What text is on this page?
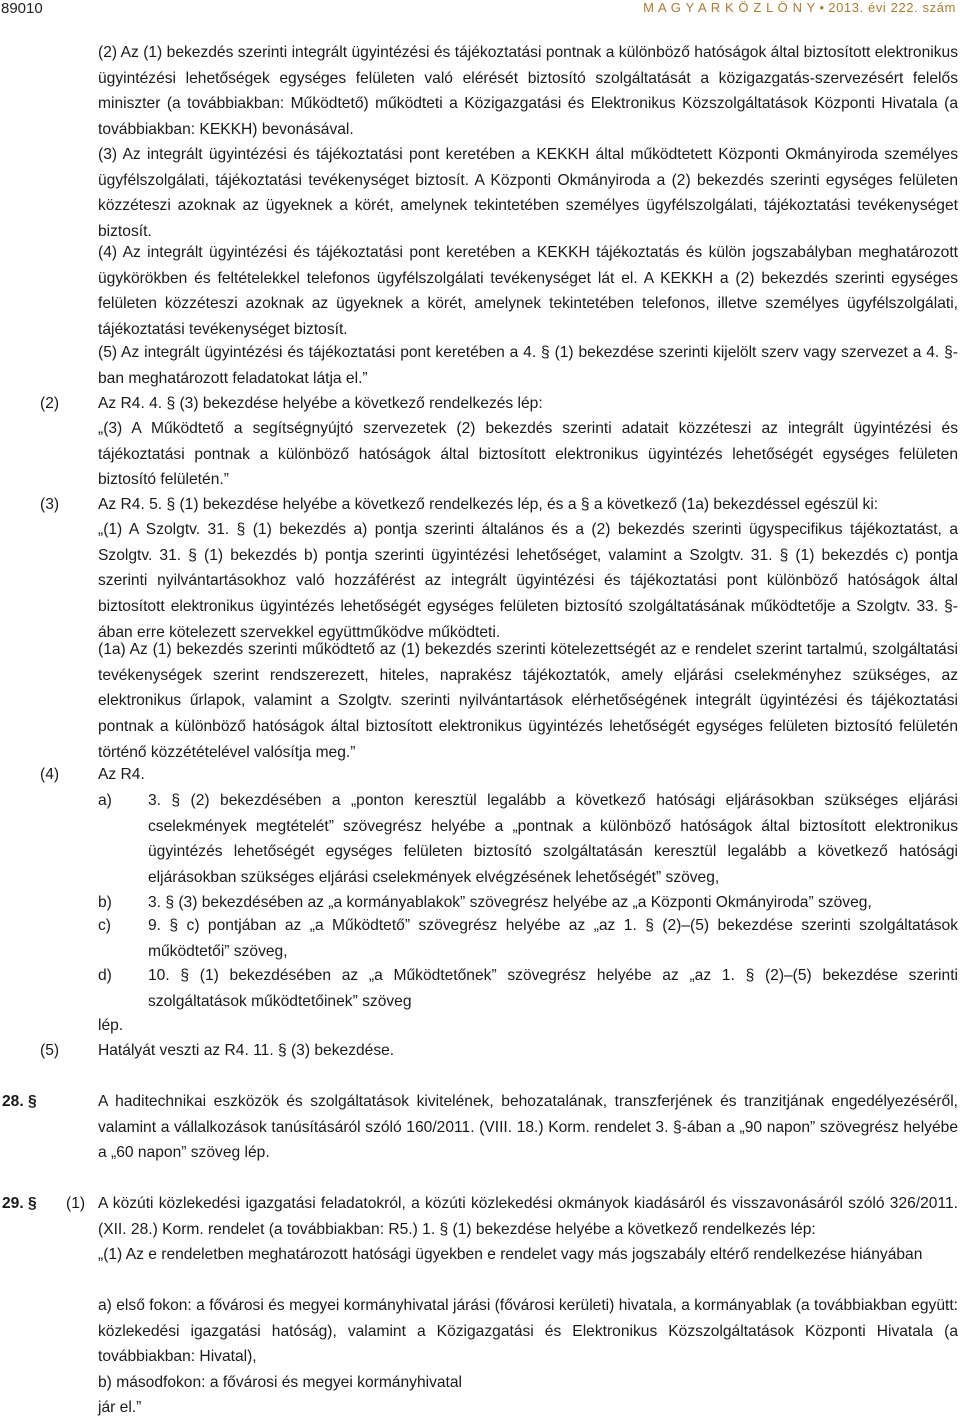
89010	M A G Y A R K Ö Z L Ö N Y • 2013. évi 222. szám

(2) Az (1) bekezdés szerinti integrált ügyintézési és tájékoztatási pontnak a különböző hatóságok által biztosított elektronikus ügyintézési lehetőségek egységes felületen való elérését biztosító szolgáltatását a közigazgatás-szervezésért felelős miniszter (a továbbiakban: Működtető) működteti a Közigazgatási és Elektronikus Közszolgáltatások Központi Hivatala (a továbbiakban: KEKKH) bevonásával.

(3) Az integrált ügyintézési és tájékoztatási pont keretében a KEKKH által működtetett Központi Okmányiroda személyes ügyfélszolgálati, tájékoztatási tevékenységet biztosít. A Központi Okmányiroda a (2) bekezdés szerinti egységes felületen közzéteszi azoknak az ügyeknek a körét, amelynek tekintetében személyes ügyfélszolgálati, tájékoztatási tevékenységet biztosít.

(4) Az integrált ügyintézési és tájékoztatási pont keretében a KEKKH tájékoztatás és külön jogszabályban meghatározott ügykörökben és feltételekkel telefonos ügyfélszolgálati tevékenységet lát el. A KEKKH a (2) bekezdés szerinti egységes felületen közzéteszi azoknak az ügyeknek a körét, amelynek tekintetében telefonos, illetve személyes ügyfélszolgálati, tájékoztatási tevékenységet biztosít.

(5) Az integrált ügyintézési és tájékoztatási pont keretében a 4. § (1) bekezdése szerinti kijelölt szerv vagy szervezet a 4. §-ban meghatározott feladatokat látja el.”

(2) Az R4. 4. § (3) bekezdése helyébe a következő rendelkezés lép:

„(3) A Működtető a segítségnyújtó szervezetek (2) bekezdés szerinti adatait közzéteszi az integrált ügyintézési és tájékoztatási pontnak a különböző hatóságok által biztosított elektronikus ügyintézés lehetőségét egységes felületen biztosító felületén.”

(3) Az R4. 5. § (1) bekezdése helyébe a következő rendelkezés lép, és a § a következő (1a) bekezdéssel egészül ki:

„(1) A Szolgtv. 31. § (1) bekezdés a) pontja szerinti általános és a (2) bekezdés szerinti ügyspecifikus tájékoztatást, a Szolgtv. 31. § (1) bekezdés b) pontja szerinti ügyintézési lehetőséget, valamint a Szolgtv. 31. § (1) bekezdés c) pontja szerinti nyilvántartásokhoz való hozzáférést az integrált ügyintézési és tájékoztatási pont különböző hatóságok által biztosított elektronikus ügyintézés lehetőségét egységes felületen biztosító szolgáltatásának működtetője a Szolgtv. 33. §-ában erre kötelezett szervekkel együttműködve működteti.

(1a) Az (1) bekezdés szerinti működtető az (1) bekezdés szerinti kötelezettségét az e rendelet szerint tartalmú, szolgáltatási tevékenységek szerint rendszerezett, hiteles, naprakész tájékoztatók, amely eljárási cselekményhez szükséges, az elektronikus űrlapok, valamint a Szolgtv. szerinti nyilvántartások elérhetőségének integrált ügyintézési és tájékoztatási pontnak a különböző hatóságok által biztosított elektronikus ügyintézés lehetőségét egységes felületen biztosító felületén történő közzétételével valósítja meg.”

(4) Az R4.

a) 3. § (2) bekezdésében a „ponton keresztül legalább a következő hatósági eljárásokban szükséges eljárási cselekmények megtételét” szövegrész helyébe a „pontnak a különböző hatóságok által biztosított elektronikus ügyintézés lehetőségét egységes felületen biztosító szolgáltatásán keresztül legalább a következő hatósági eljárásokban szükséges eljárási cselekmények elvégzésének lehetőségét” szöveg,

b) 3. § (3) bekezdésében az „a kormányablakok” szövegrész helyébe az „a Központi Okmányiroda” szöveg,

c) 9. § c) pontjában az „a Működtető” szövegrész helyébe az „az 1. § (2)–(5) bekezdése szerinti szolgáltatások működtetői” szöveg,

d) 10. § (1) bekezdésében az „a Működtetőnek” szövegrész helyébe az „az 1. § (2)–(5) bekezdése szerinti szolgáltatások működtetőinek” szöveg

lép.

(5) Hatályát veszti az R4. 11. § (3) bekezdése.

28. §	A haditechnikai eszközök és szolgáltatások kivitelének, behozatalának, transzferjének és tranzitjának engedélyezéséről, valamint a vállalkozások tanúsításáról szóló 160/2011. (VIII. 18.) Korm. rendelet 3. §-ában a „90 napon” szövegrész helyébe a „60 napon” szöveg lép.

29. § (1) A közúti közlekedési igazgatási feladatokról, a közúti közlekedési okmányok kiadásáról és visszavonásáról szóló 326/2011. (XII. 28.) Korm. rendelet (a továbbiakban: R5.) 1. § (1) bekezdése helyébe a következő rendelkezés lép:

„(1) Az e rendeletben meghatározott hatósági ügyekben e rendelet vagy más jogszabály eltérő rendelkezése hiányában

a) első fokon: a fővárosi és megyei kormányhivatal járási (fővárosi kerületi) hivatala, a kormányablak (a továbbiakban együtt: közlekedési igazgatási hatóság), valamint a Közigazgatási és Elektronikus Közszolgáltatások Központi Hivatala (a továbbiakban: Hivatal),

b) másodfokon: a fővárosi és megyei kormányhivatal

jár el.”
